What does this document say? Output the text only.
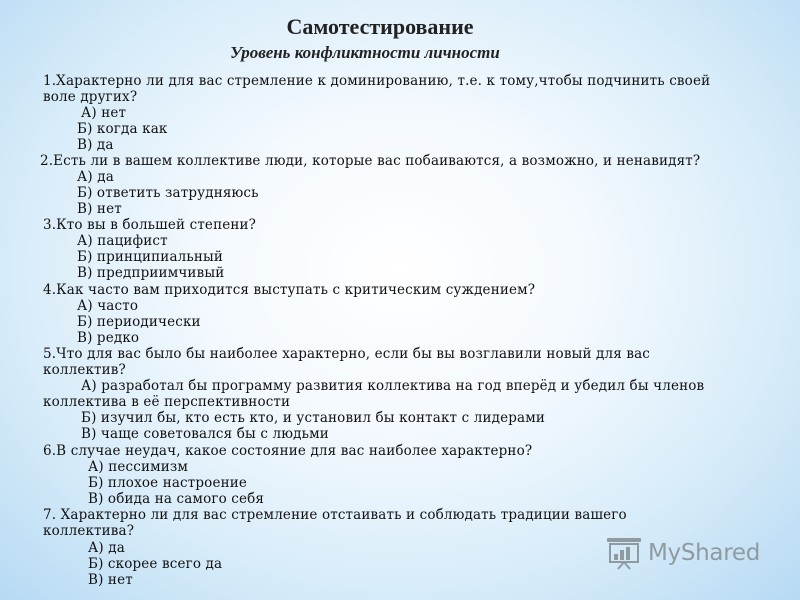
Самотестирование
Уровень конфликтности личности
1.Характерно ли для вас стремление к доминированию, т.е. к тому,чтобы подчинить своей
воле других?
А) нет
Б) когда как
В) да
2.Есть ли в вашем коллективе люди, которые вас побаиваются, а возможно, и ненавидят?
А) да
Б) ответить затрудняюсь
В) нет
3.Кто вы в большей степени?
А) пацифист
Б) принципиальный
В) предприимчивый
4.Как часто вам приходится выступать с критическим суждением?
А) часто
Б) периодически
В) редко
5.Что для вас было бы наиболее характерно, если бы вы возглавили новый для вас
коллектив?
А) разработал бы программу развития коллектива на год вперёд и убедил бы членов
коллектива в её перспективности
Б) изучил бы, кто есть кто, и установил бы контакт с лидерами
В) чаще советовался бы с людьми
6.В случае неудач, какое состояние для вас наиболее характерно?
А) пессимизм
Б) плохое настроение
В) обида на самого себя
7. Характерно ли для вас стремление отстаивать и соблюдать традиции вашего
коллектива?
А) да
Б) скорее всего да
В) нет
MyShared
